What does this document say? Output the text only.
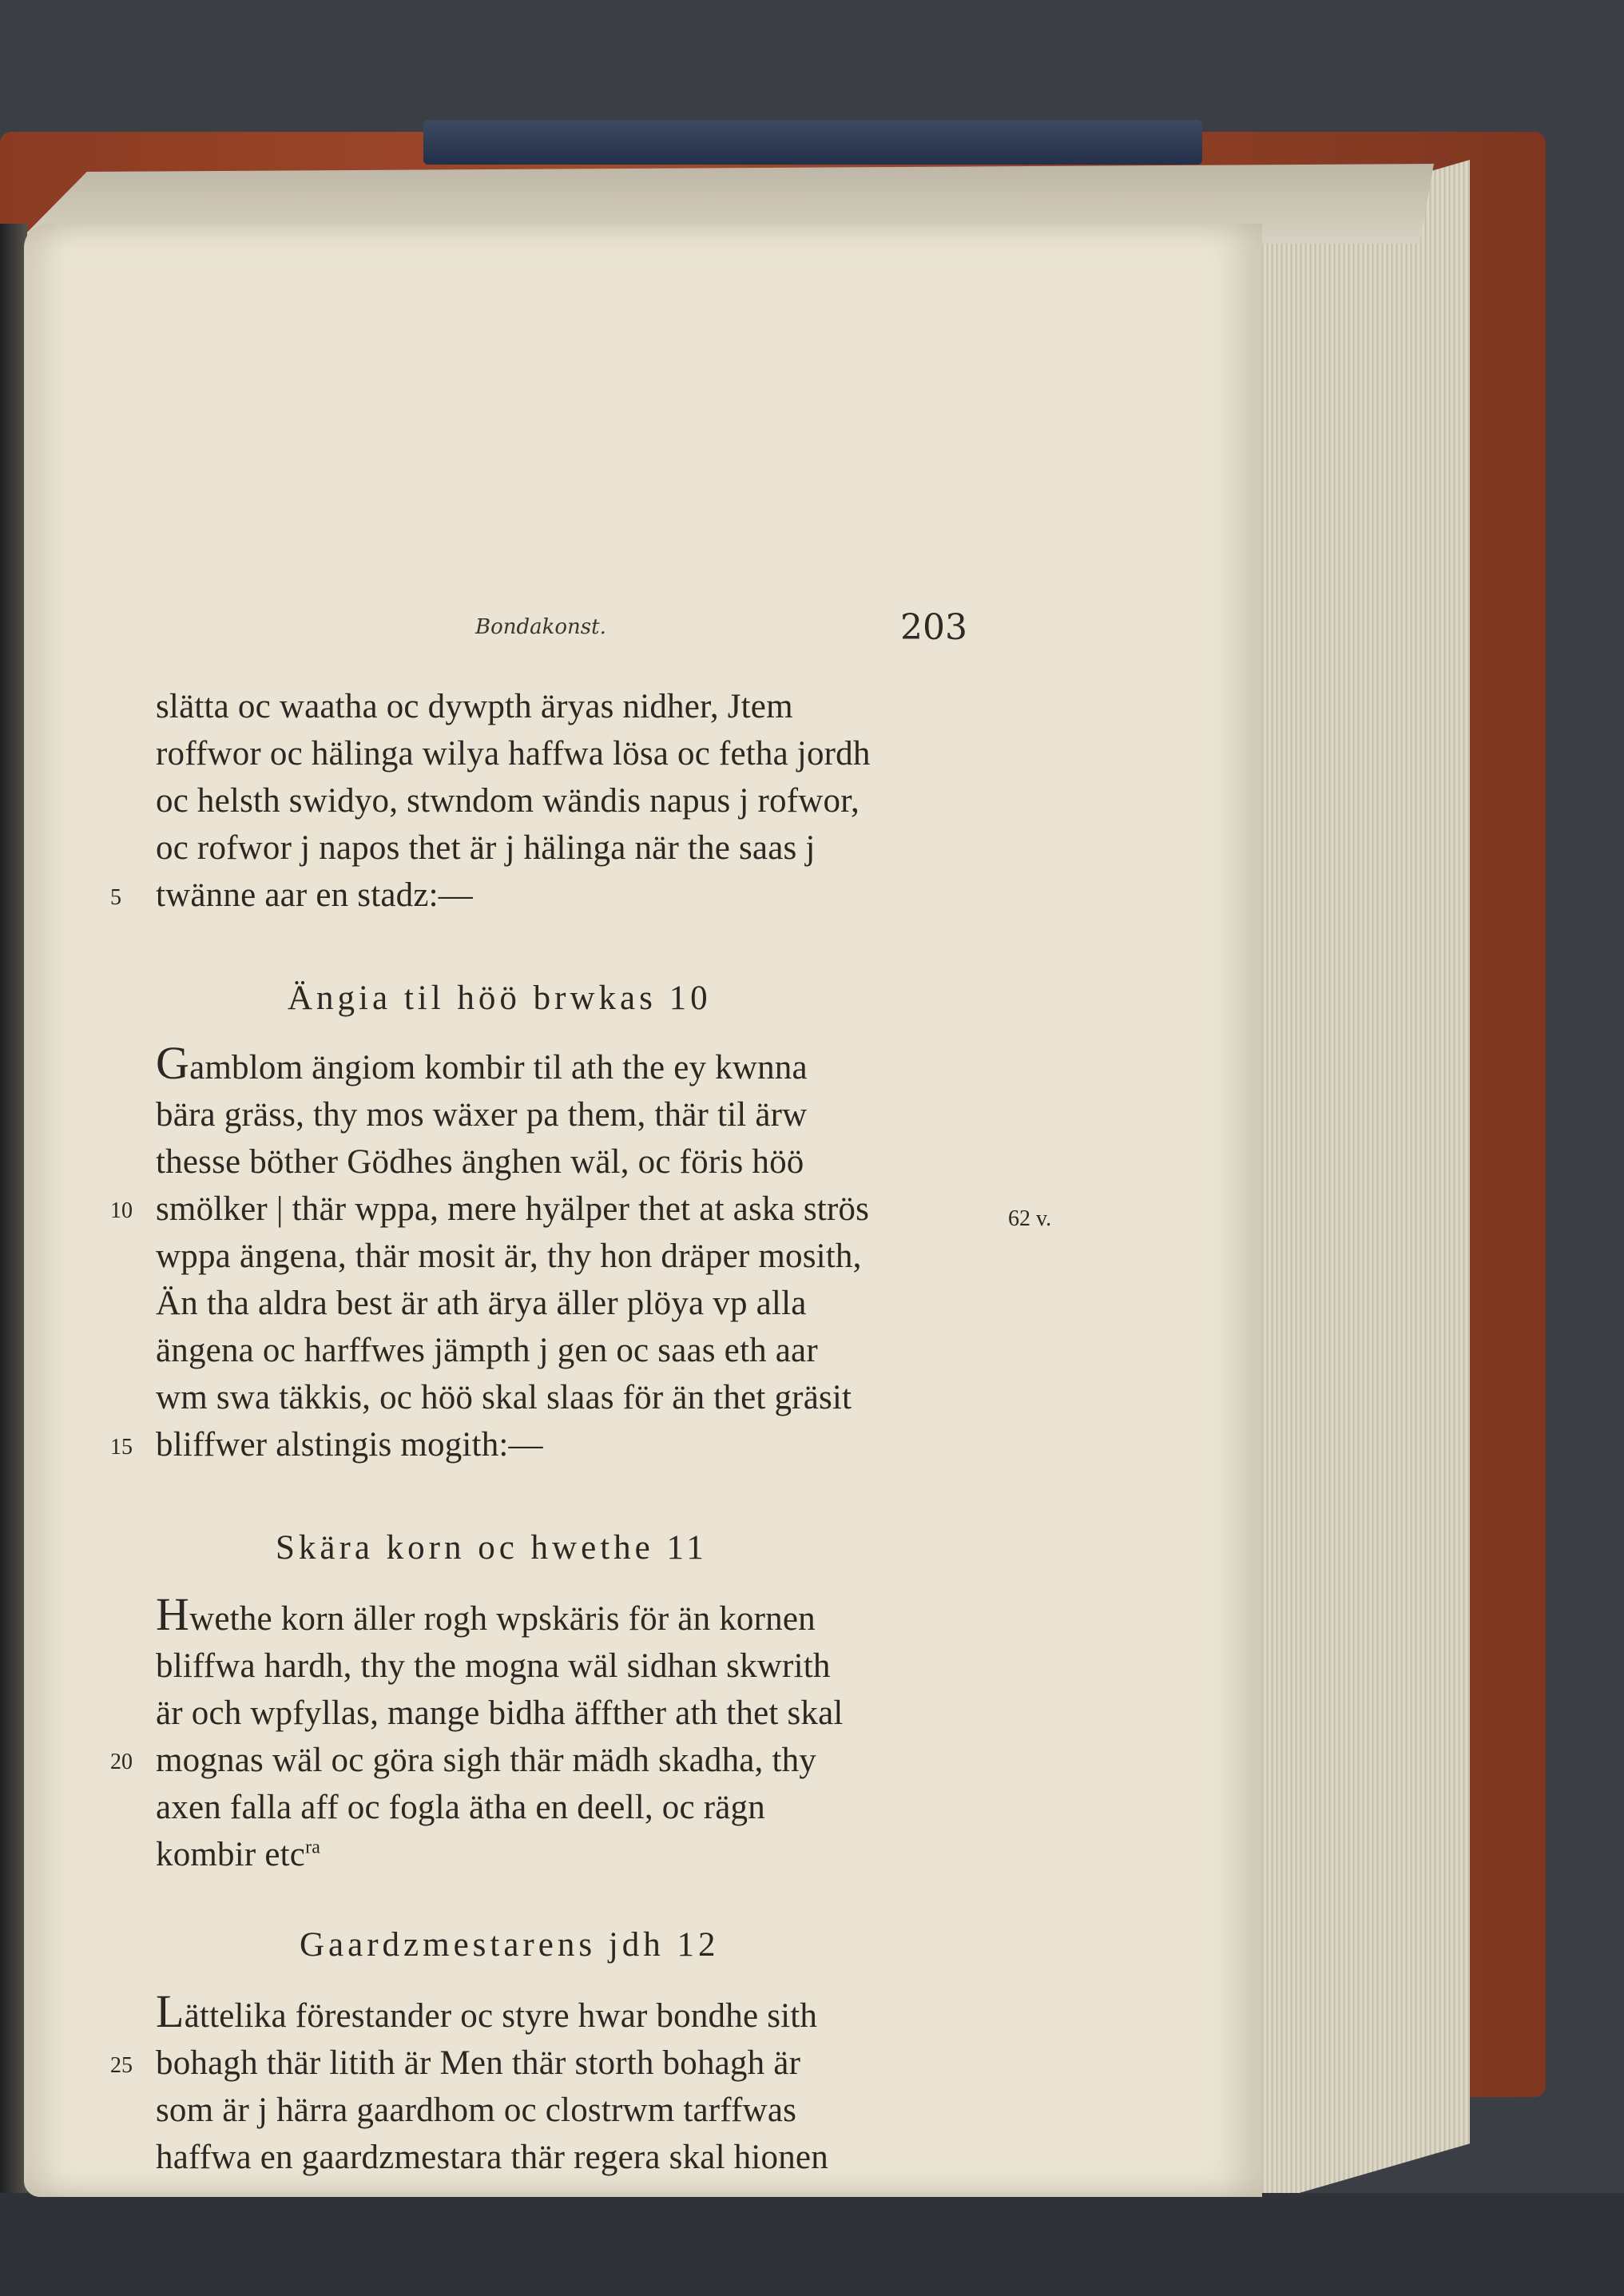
Bondakonst.	203
slätta oc waatha oc dywpth äryas nidher, Jtem
roffwor oc hälinga wilya haffwa lösa oc fetha jordh
oc helsth swidyo, stwndom wändis napus j rofwor,
oc rofwor j napos thet är j hälinga när the saas j
5 twänne aar en stadz:—
Ängia til höö brwkas 10
Gamblom ängiom kombir til ath the ey kwnna
bära gräss, thy mos wäxer pa them, thär til ärw
thesse böther Gödhes änghen wäl, oc föris höö
10 smölker | thär wppa, mere hyälper thet at aska strös	62 v.
wppa ängena, thär mosit är, thy hon dräper mosith,
Än tha aldra best är ath ärya äller plöya vp alla
ängena oc harffwes jämpth j gen oc saas eth aar
wm swa täkkis, oc höö skal slaas för än thet gräsit
15 bliffwer alstingis mogith:—
Skära korn oc hwethe 11
Hwethe korn äller rogh wpskäris för än kornen
bliffwa hardh, thy the mogna wäl sidhan skwrith
är och wpfyllas, mange bidha äffther ath thet skal
20 mognas wäl oc göra sigh thär mädh skadha, thy
axen falla aff oc fogla ätha en deell, oc rägn
kombir etc$^{ra}$
Gaardzmestarens jdh 12
Lättelika förestander oc styre hwar bondhe sith
25 bohagh thär litith är Men thär storth bohagh är
som är j härra gaardhom oc clostrwm tarffwas
haffwa en gaardzmestara thär regera skal hionen
